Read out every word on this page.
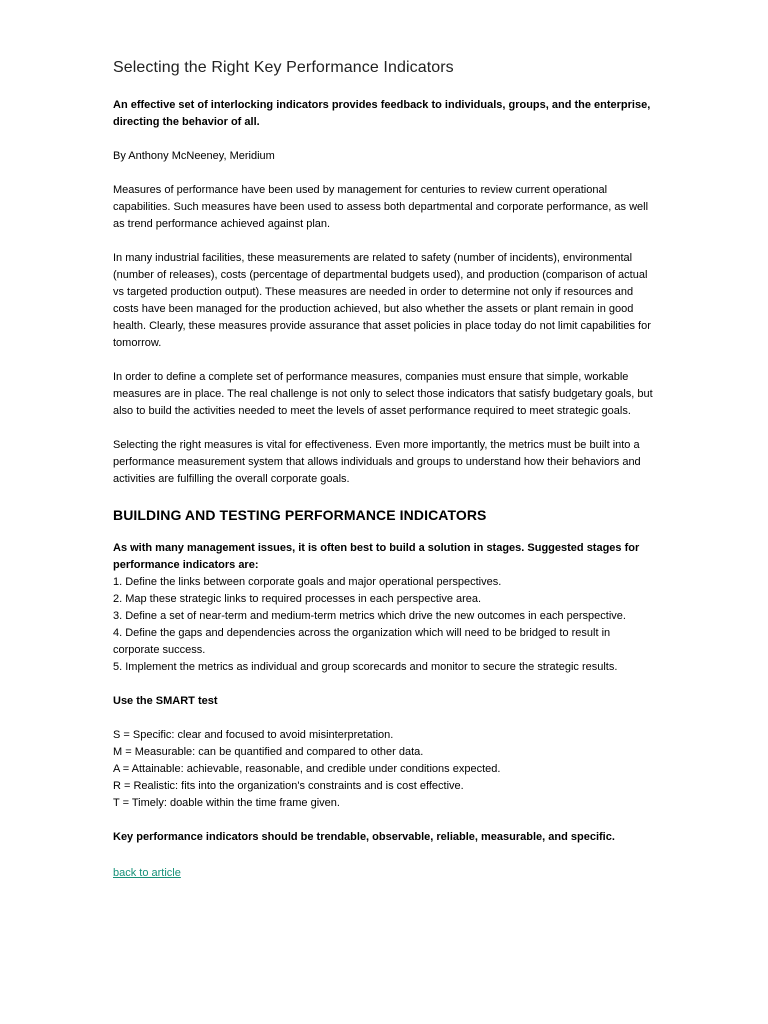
Selecting the Right Key Performance Indicators

An effective set of interlocking indicators provides feedback to individuals, groups, and the enterprise, directing the behavior of all.

By Anthony McNeeney, Meridium

Measures of performance have been used by management for centuries to review current operational capabilities. Such measures have been used to assess both departmental and corporate performance, as well as trend performance achieved against plan.

In many industrial facilities, these measurements are related to safety (number of incidents), environmental (number of releases), costs (percentage of departmental budgets used), and production (comparison of actual vs targeted production output). These measures are needed in order to determine not only if resources and costs have been managed for the production achieved, but also whether the assets or plant remain in good health. Clearly, these measures provide assurance that asset policies in place today do not limit capabilities for tomorrow.

In order to define a complete set of performance measures, companies must ensure that simple, workable measures are in place. The real challenge is not only to select those indicators that satisfy budgetary goals, but also to build the activities needed to meet the levels of asset performance required to meet strategic goals.

Selecting the right measures is vital for effectiveness. Even more importantly, the metrics must be built into a performance measurement system that allows individuals and groups to understand how their behaviors and activities are fulfilling the overall corporate goals.

BUILDING AND TESTING PERFORMANCE INDICATORS

As with many management issues, it is often best to build a solution in stages. Suggested stages for performance indicators are:

1. Define the links between corporate goals and major operational perspectives.
2. Map these strategic links to required processes in each perspective area.
3. Define a set of near-term and medium-term metrics which drive the new outcomes in each perspective.
4. Define the gaps and dependencies across the organization which will need to be bridged to result in corporate success.
5. Implement the metrics as individual and group scorecards and monitor to secure the strategic results.

Use the SMART test

S = Specific: clear and focused to avoid misinterpretation.
M = Measurable: can be quantified and compared to other data.
A = Attainable: achievable, reasonable, and credible under conditions expected.
R = Realistic: fits into the organization's constraints and is cost effective.
T = Timely: doable within the time frame given.

Key performance indicators should be trendable, observable, reliable, measurable, and specific.

back to article
